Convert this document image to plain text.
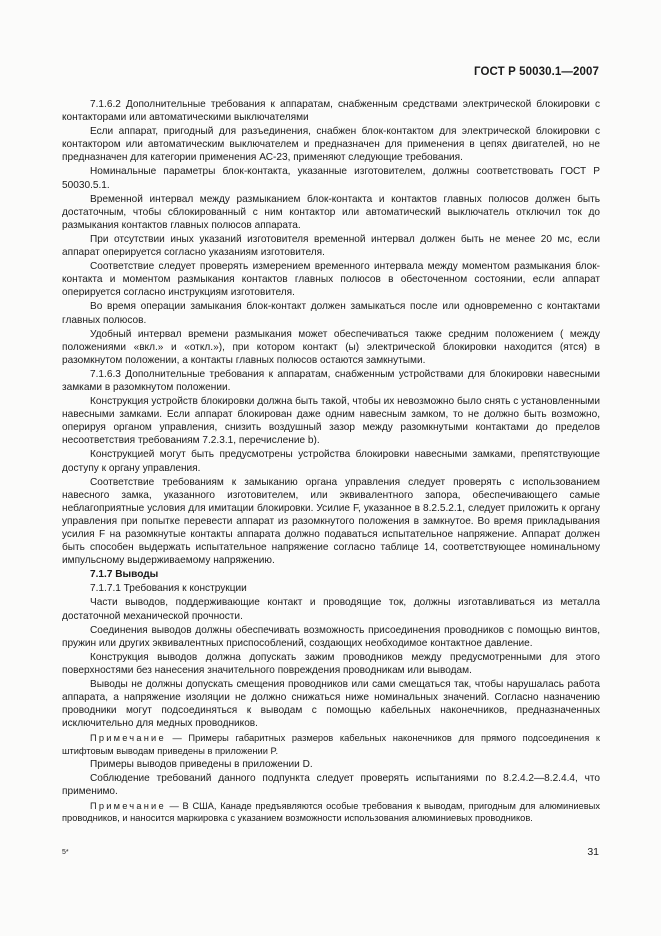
ГОСТ Р 50030.1—2007

7.1.6.2 Дополнительные требования к аппаратам, снабженным средствами электрической блокировки с контакторами или автоматическими выключателями

Если аппарат, пригодный для разъединения, снабжен блок-контактом для электрической блокировки с контактором или автоматическим выключателем и предназначен для применения в цепях двигателей, но не предназначен для категории применения АС-23, применяют следующие требования.

Номинальные параметры блок-контакта, указанные изготовителем, должны соответствовать ГОСТ Р 50030.5.1.

Временной интервал между размыканием блок-контакта и контактов главных полюсов должен быть достаточным, чтобы сблокированный с ним контактор или автоматический выключатель отключил ток до размыкания контактов главных полюсов аппарата.

При отсутствии иных указаний изготовителя временной интервал должен быть не менее 20 мс, если аппарат оперируется согласно указаниям изготовителя.

Соответствие следует проверять измерением временного интервала между моментом размыкания блок-контакта и моментом размыкания контактов главных полюсов в обесточенном состоянии, если аппарат оперируется согласно инструкциям изготовителя.

Во время операции замыкания блок-контакт должен замыкаться после или одновременно с контактами главных полюсов.

Удобный интервал времени размыкания может обеспечиваться также средним положением ( между положениями «вкл.» и «откл.»), при котором контакт (ы) электрической блокировки находится (ятся) в разомкнутом положении, а контакты главных полюсов остаются замкнутыми.

7.1.6.3 Дополнительные требования к аппаратам, снабженным устройствами для блокировки навесными замками в разомкнутом положении.

Конструкция устройств блокировки должна быть такой, чтобы их невозможно было снять с установленными навесными замками. Если аппарат блокирован даже одним навесным замком, то не должно быть возможно, оперируя органом управления, снизить воздушный зазор между разомкнутыми контактами до пределов несоответствия требованиям 7.2.3.1, перечисление b).

Конструкцией могут быть предусмотрены устройства блокировки навесными замками, препятствующие доступу к органу управления.

Соответствие требованиям к замыканию органа управления следует проверять с использованием навесного замка, указанного изготовителем, или эквивалентного запора, обеспечивающего самые неблагоприятные условия для имитации блокировки. Усилие F, указанное в 8.2.5.2.1, следует приложить к органу управления при попытке перевести аппарат из разомкнутого положения в замкнутое. Во время прикладывания усилия F на разомкнутые контакты аппарата должно подаваться испытательное напряжение. Аппарат должен быть способен выдержать испытательное напряжение согласно таблице 14, соответствующее номинальному импульсному выдерживаемому напряжению.

7.1.7 Выводы

7.1.7.1 Требования к конструкции

Части выводов, поддерживающие контакт и проводящие ток, должны изготавливаться из металла достаточной механической прочности.

Соединения выводов должны обеспечивать возможность присоединения проводников с помощью винтов, пружин или других эквивалентных приспособлений, создающих необходимое контактное давление.

Конструкция выводов должна допускать зажим проводников между предусмотренными для этого поверхностями без нанесения значительного повреждения проводникам или выводам.

Выводы не должны допускать смещения проводников или сами смещаться так, чтобы нарушалась работа аппарата, а напряжение изоляции не должно снижаться ниже номинальных значений. Согласно назначению проводники могут подсоединяться к выводам с помощью кабельных наконечников, предназначенных исключительно для медных проводников.

Примечание — Примеры габаритных размеров кабельных наконечников для прямого подсоединения к штифтовым выводам приведены в приложении P.

Примеры выводов приведены в приложении D.

Соблюдение требований данного подпункта следует проверять испытаниями по 8.2.4.2—8.2.4.4, что применимо.

Примечание — В США, Канаде предъявляются особые требования к выводам, пригодным для алюминиевых проводников, и наносится маркировка с указанием возможности использования алюминиевых проводников.

5*	31
